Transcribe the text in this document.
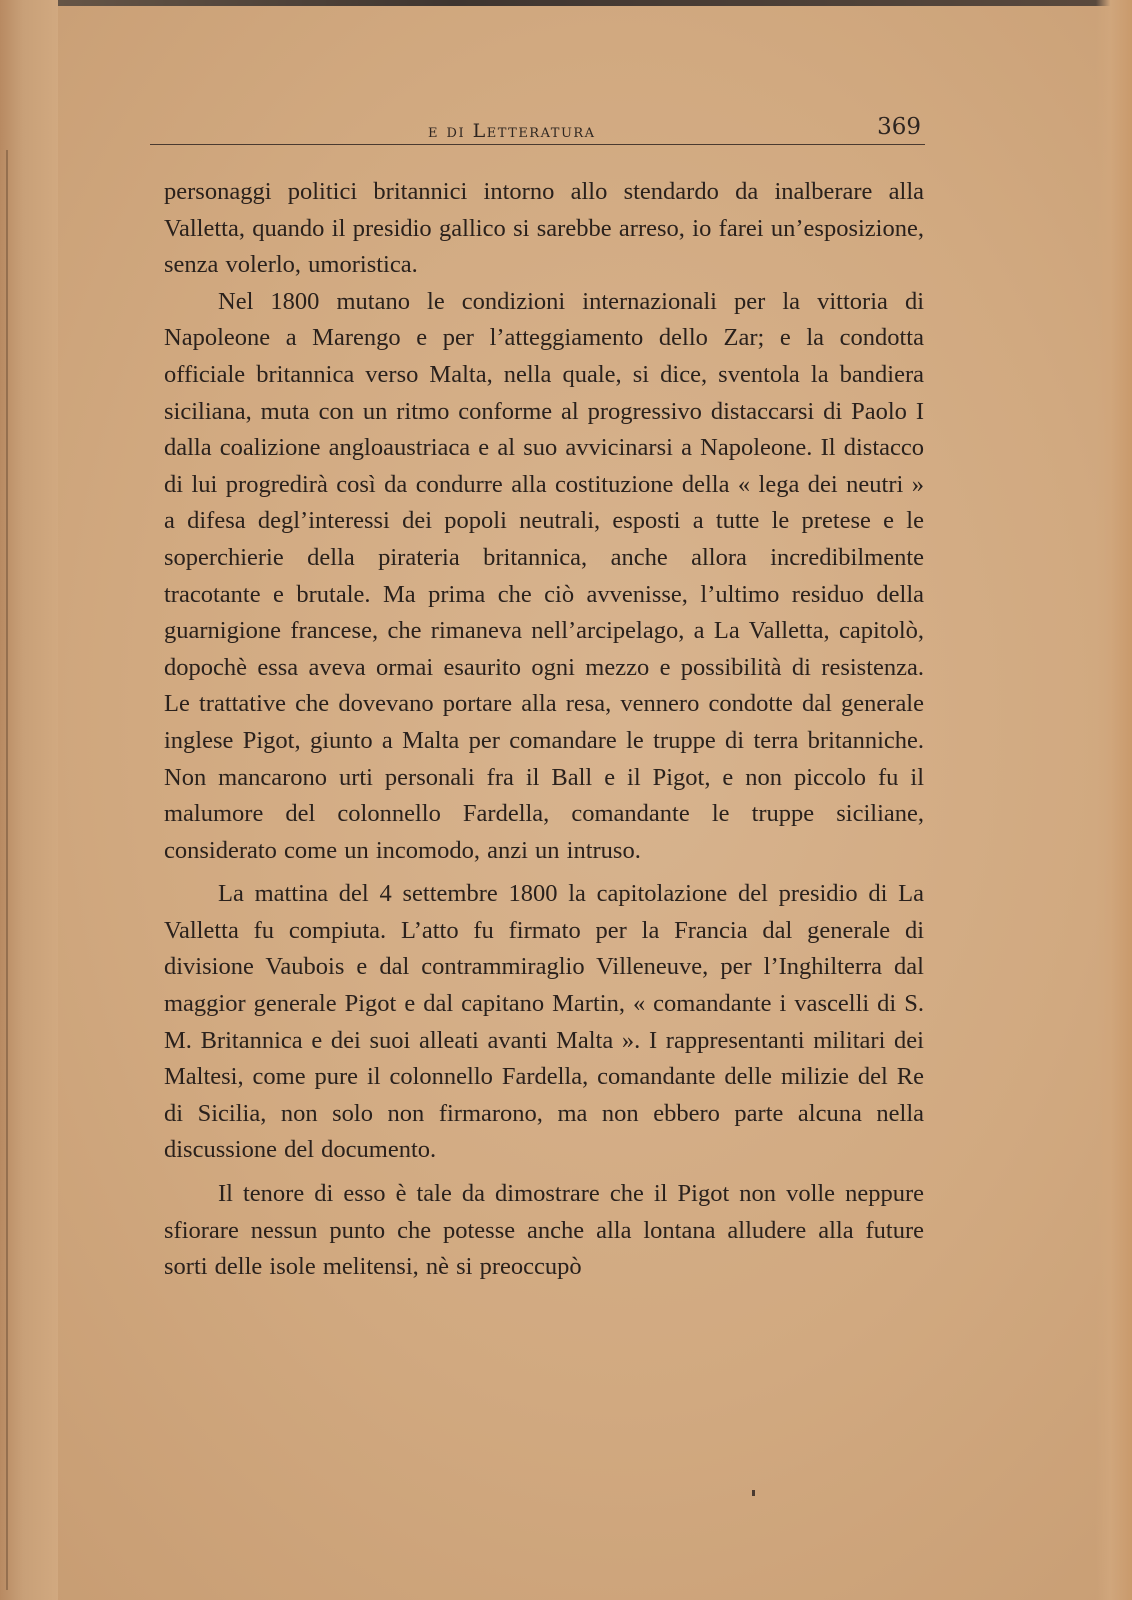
e di Letteratura	369

personaggi politici britannici intorno allo stendardo da inalberare alla Valletta, quando il presidio gallico si sarebbe arreso, io farei un’esposizione, senza volerlo, umoristica.

Nel 1800 mutano le condizioni internazionali per la vittoria di Napoleone a Marengo e per l’atteggiamento dello Zar; e la condotta officiale britannica verso Malta, nella quale, si dice, sventola la bandiera siciliana, muta con un ritmo conforme al progressivo distaccarsi di Paolo I dalla coalizione angloaustriaca e al suo avvicinarsi a Napoleone. Il distacco di lui progredirà così da condurre alla costituzione della « lega dei neutri » a difesa degl’interessi dei popoli neutrali, esposti a tutte le pretese e le soperchierie della pirateria britannica, anche allora incredibilmente tracotante e brutale. Ma prima che ciò avvenisse, l’ultimo residuo della guarnigione francese, che rimaneva nell’arcipelago, a La Valletta, capitolò, dopochè essa aveva ormai esaurito ogni mezzo e possibilità di resistenza. Le trattative che dovevano portare alla resa, vennero condotte dal generale inglese Pigot, giunto a Malta per comandare le truppe di terra britanniche. Non mancarono urti personali fra il Ball e il Pigot, e non piccolo fu il malumore del colonnello Fardella, comandante le truppe siciliane, considerato come un incomodo, anzi un intruso.

La mattina del 4 settembre 1800 la capitolazione del presidio di La Valletta fu compiuta. L’atto fu firmato per la Francia dal generale di divisione Vaubois e dal contrammiraglio Villeneuve, per l’Inghilterra dal maggior generale Pigot e dal capitano Martin, « comandante i vascelli di S. M. Britannica e dei suoi alleati avanti Malta ». I rappresentanti militari dei Maltesi, come pure il colonnello Fardella, comandante delle milizie del Re di Sicilia, non solo non firmarono, ma non ebbero parte alcuna nella discussione del documento.

Il tenore di esso è tale da dimostrare che il Pigot non volle neppure sfiorare nessun punto che potesse anche alla lontana alludere alla future sorti delle isole melitensi, nè si preoccupò
